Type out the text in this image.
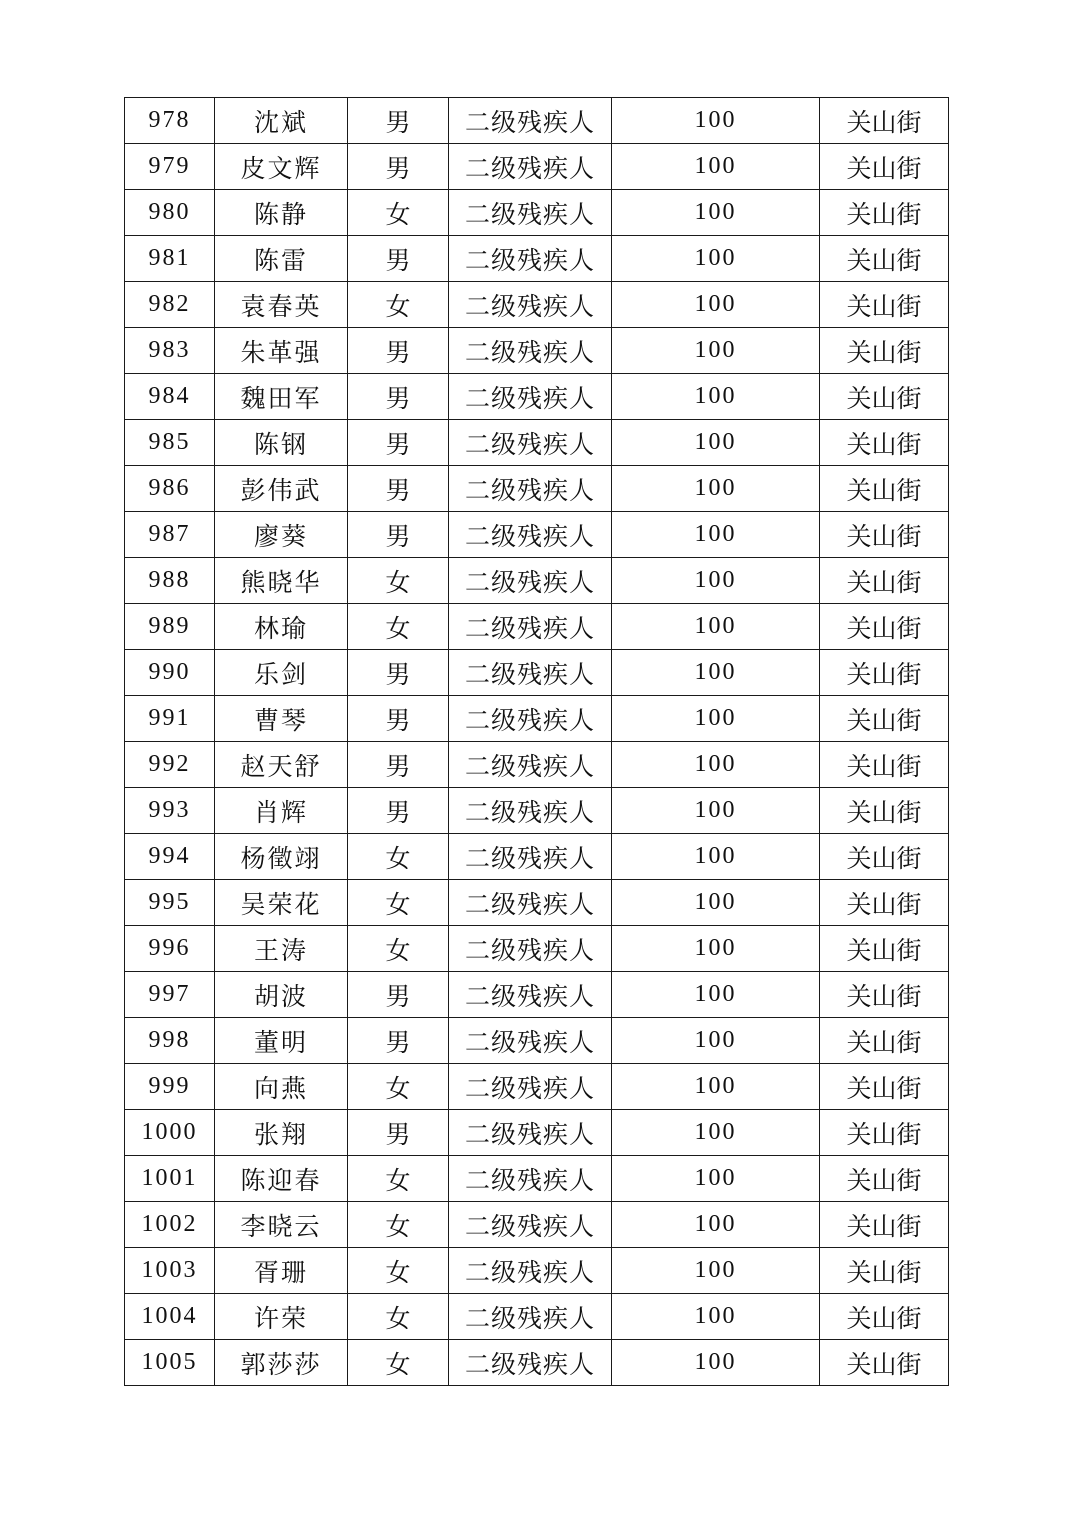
978	沈斌	男	二级残疾人	100	关山街
979	皮文辉	男	二级残疾人	100	关山街
980	陈静	女	二级残疾人	100	关山街
981	陈雷	男	二级残疾人	100	关山街
982	袁春英	女	二级残疾人	100	关山街
983	朱革强	男	二级残疾人	100	关山街
984	魏田军	男	二级残疾人	100	关山街
985	陈钢	男	二级残疾人	100	关山街
986	彭伟武	男	二级残疾人	100	关山街
987	廖葵	男	二级残疾人	100	关山街
988	熊晓华	女	二级残疾人	100	关山街
989	林瑜	女	二级残疾人	100	关山街
990	乐剑	男	二级残疾人	100	关山街
991	曹琴	男	二级残疾人	100	关山街
992	赵天舒	男	二级残疾人	100	关山街
993	肖辉	男	二级残疾人	100	关山街
994	杨徵翊	女	二级残疾人	100	关山街
995	吴荣花	女	二级残疾人	100	关山街
996	王涛	女	二级残疾人	100	关山街
997	胡波	男	二级残疾人	100	关山街
998	董明	男	二级残疾人	100	关山街
999	向燕	女	二级残疾人	100	关山街
1000	张翔	男	二级残疾人	100	关山街
1001	陈迎春	女	二级残疾人	100	关山街
1002	李晓云	女	二级残疾人	100	关山街
1003	胥珊	女	二级残疾人	100	关山街
1004	许荣	女	二级残疾人	100	关山街
1005	郭莎莎	女	二级残疾人	100	关山街
